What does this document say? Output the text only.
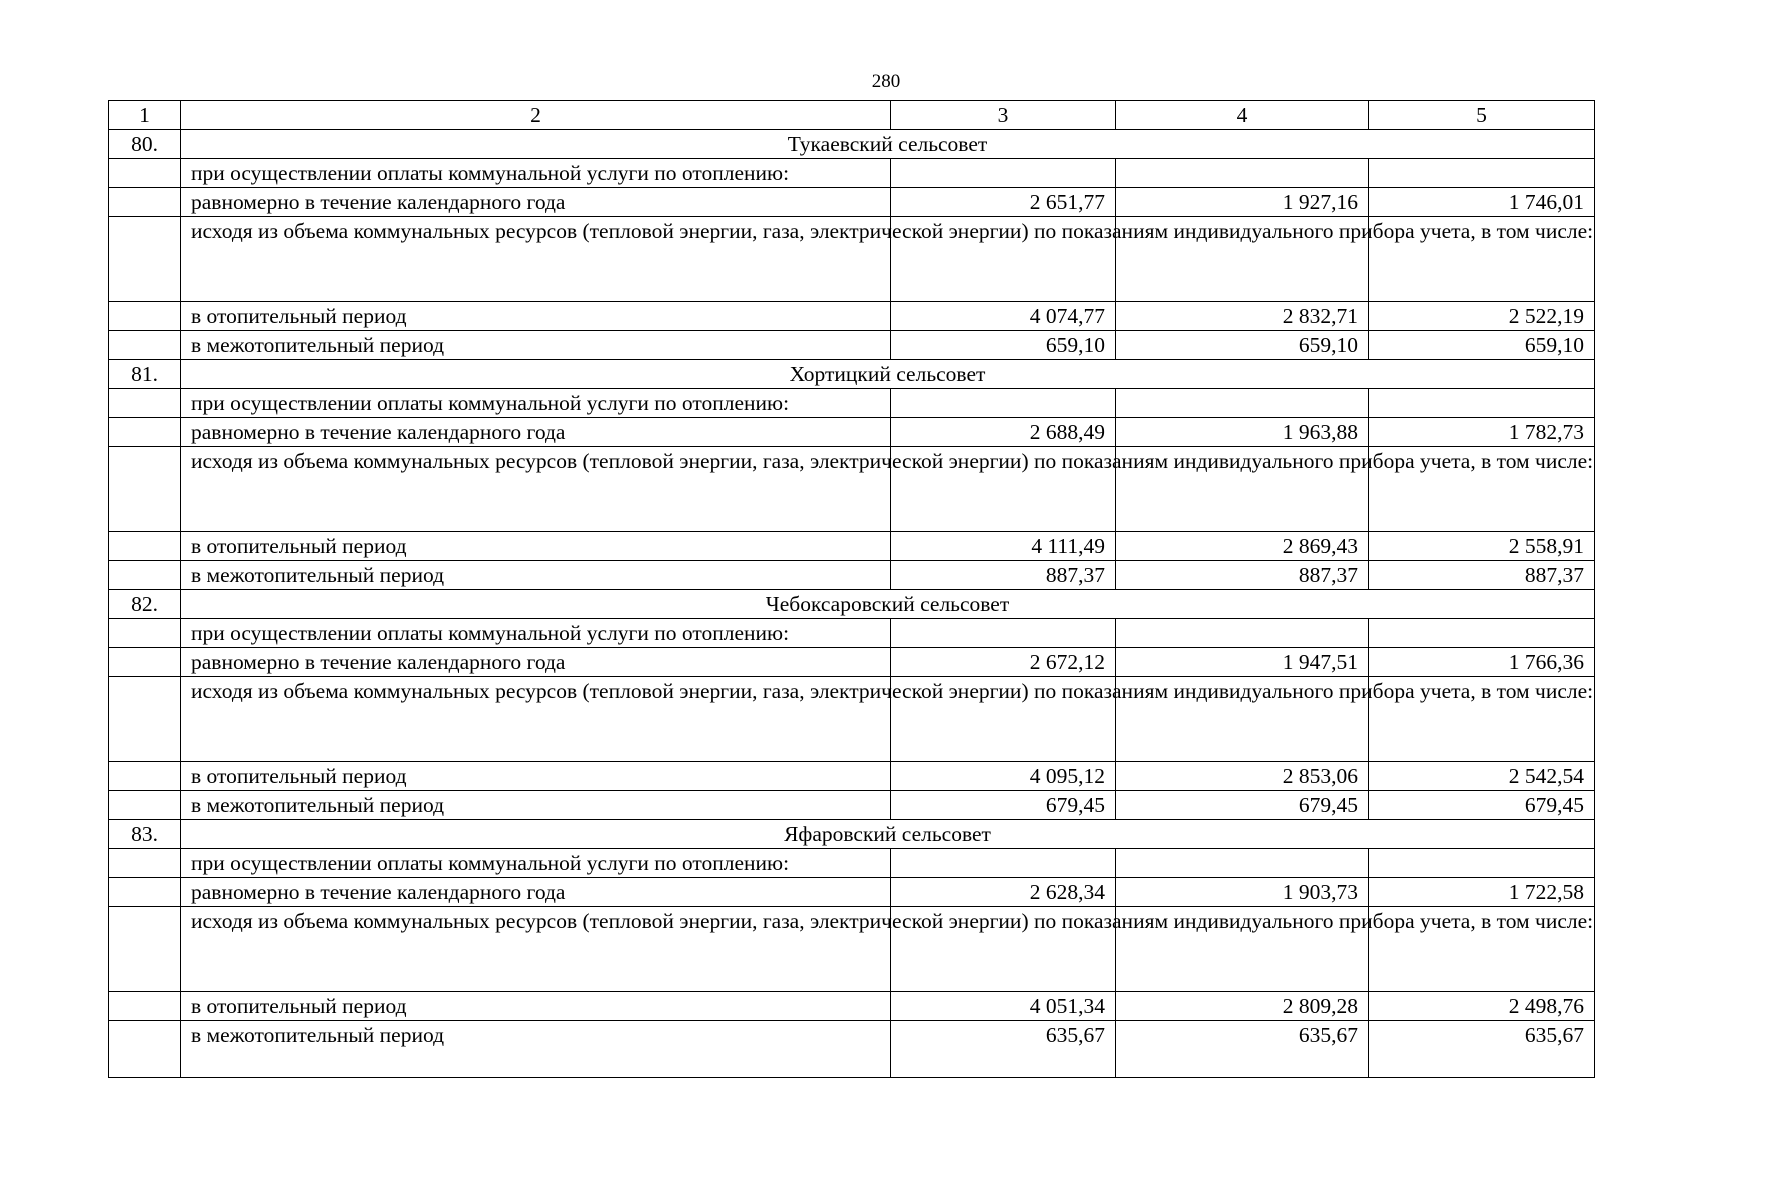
280
1	2	3	4	5
80.	Тукаевский сельсовет			
	при осуществлении оплаты коммунальной услуги по отоплению:			
	равномерно в течение календарного года	2 651,77	1 927,16	1 746,01
	исходя из объема коммунальных ресурсов (тепловой энергии, газа, электрической энергии) по показаниям индивидуального прибора учета, в том числе:			
	в отопительный период	4 074,77	2 832,71	2 522,19
	в межотопительный период	659,10	659,10	659,10
81.	Хортицкий сельсовет			
	при осуществлении оплаты коммунальной услуги по отоплению:			
	равномерно в течение календарного года	2 688,49	1 963,88	1 782,73
	исходя из объема коммунальных ресурсов (тепловой энергии, газа, электрической энергии) по показаниям индивидуального прибора учета, в том числе:			
	в отопительный период	4 111,49	2 869,43	2 558,91
	в межотопительный период	887,37	887,37	887,37
82.	Чебоксаровский сельсовет			
	при осуществлении оплаты коммунальной услуги по отоплению:			
	равномерно в течение календарного года	2 672,12	1 947,51	1 766,36
	исходя из объема коммунальных ресурсов (тепловой энергии, газа, электрической энергии) по показаниям индивидуального прибора учета, в том числе:			
	в отопительный период	4 095,12	2 853,06	2 542,54
	в межотопительный период	679,45	679,45	679,45
83.	Яфаровский сельсовет			
	при осуществлении оплаты коммунальной услуги по отоплению:			
	равномерно в течение календарного года	2 628,34	1 903,73	1 722,58
	исходя из объема коммунальных ресурсов (тепловой энергии, газа, электрической энергии) по показаниям индивидуального прибора учета, в том числе:			
	в отопительный период	4 051,34	2 809,28	2 498,76
	в межотопительный период	635,67	635,67	635,67
